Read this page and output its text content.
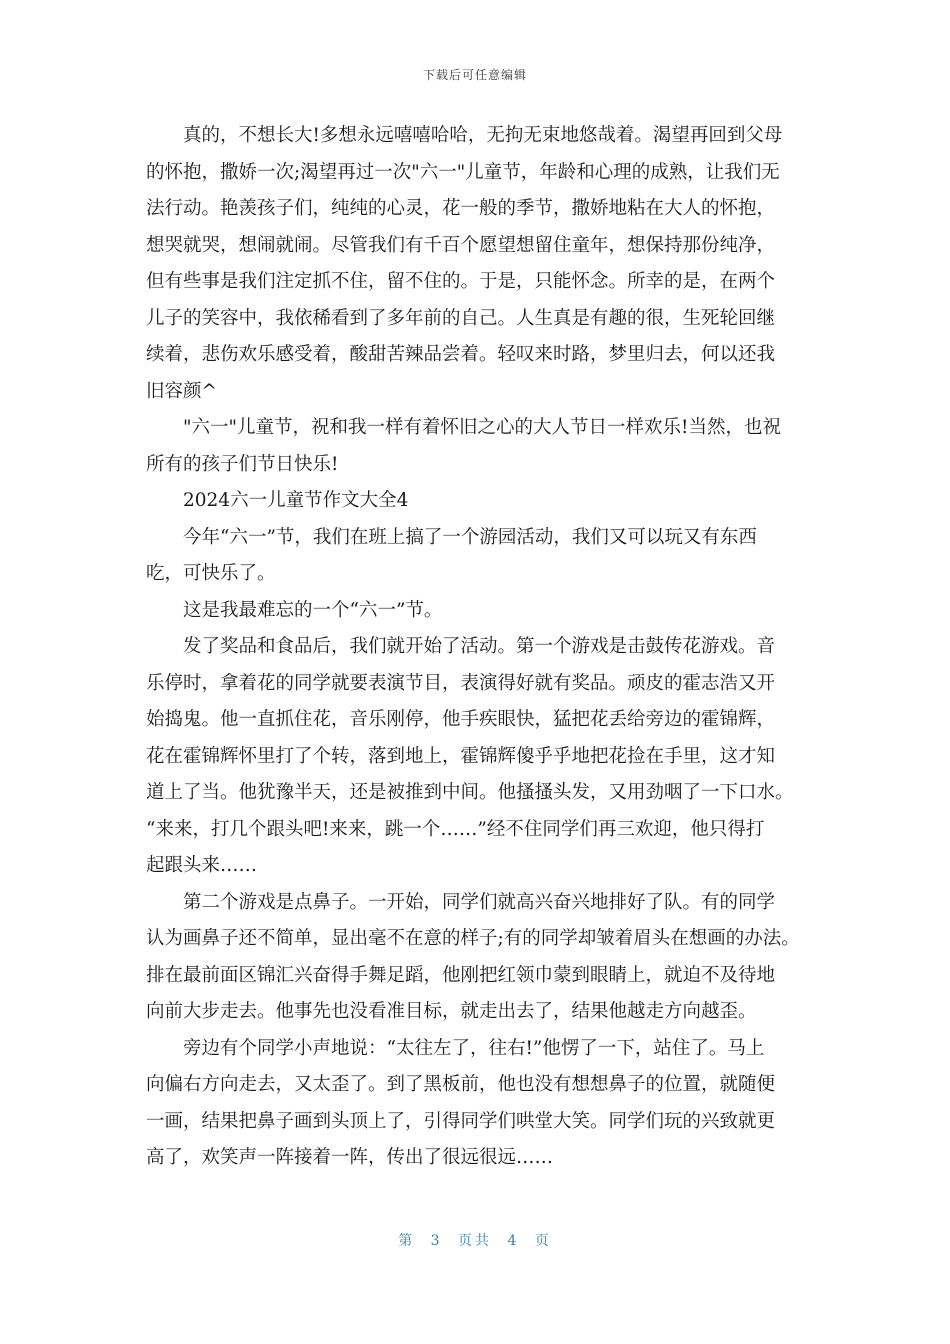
下载后可任意编辑
真的，不想长大!多想永远嘻嘻哈哈，无拘无束地悠哉着。渴望再回到父母
的怀抱，撒娇一次;渴望再过一次"六一"儿童节，年龄和心理的成熟，让我们无
法行动。艳羡孩子们，纯纯的心灵，花一般的季节，撒娇地粘在大人的怀抱，
想哭就哭，想闹就闹。尽管我们有千百个愿望想留住童年，想保持那份纯净，
但有些事是我们注定抓不住，留不住的。于是，只能怀念。所幸的是，在两个
儿子的笑容中，我依稀看到了多年前的自己。人生真是有趣的很，生死轮回继
续着，悲伤欢乐感受着，酸甜苦辣品尝着。轻叹来时路，梦里归去，何以还我
旧容颜^
"六一"儿童节，祝和我一样有着怀旧之心的大人节日一样欢乐!当然，也祝
所有的孩子们节日快乐!
2024六一儿童节作文大全4
今年“六一”节，我们在班上搞了一个游园活动，我们又可以玩又有东西
吃，可快乐了。
这是我最难忘的一个“六一”节。
发了奖品和食品后，我们就开始了活动。第一个游戏是击鼓传花游戏。音
乐停时，拿着花的同学就要表演节目，表演得好就有奖品。顽皮的霍志浩又开
始捣鬼。他一直抓住花，音乐刚停，他手疾眼快，猛把花丢给旁边的霍锦辉，
花在霍锦辉怀里打了个转，落到地上，霍锦辉傻乎乎地把花捡在手里，这才知
道上了当。他犹豫半天，还是被推到中间。他搔搔头发，又用劲咽了一下口水。
“来来，打几个跟头吧!来来，跳一个……”经不住同学们再三欢迎，他只得打
起跟头来……
第二个游戏是点鼻子。一开始，同学们就高兴奋兴地排好了队。有的同学
认为画鼻子还不简单，显出毫不在意的样子;有的同学却皱着眉头在想画的办法。
排在最前面区锦汇兴奋得手舞足蹈，他刚把红领巾蒙到眼睛上，就迫不及待地
向前大步走去。他事先也没看准目标，就走出去了，结果他越走方向越歪。
旁边有个同学小声地说：“太往左了，往右!”他愣了一下，站住了。马上
向偏右方向走去，又太歪了。到了黑板前，他也没有想想鼻子的位置，就随便
一画，结果把鼻子画到头顶上了，引得同学们哄堂大笑。同学们玩的兴致就更
高了，欢笑声一阵接着一阵，传出了很远很远……
第 3 页共 4 页
